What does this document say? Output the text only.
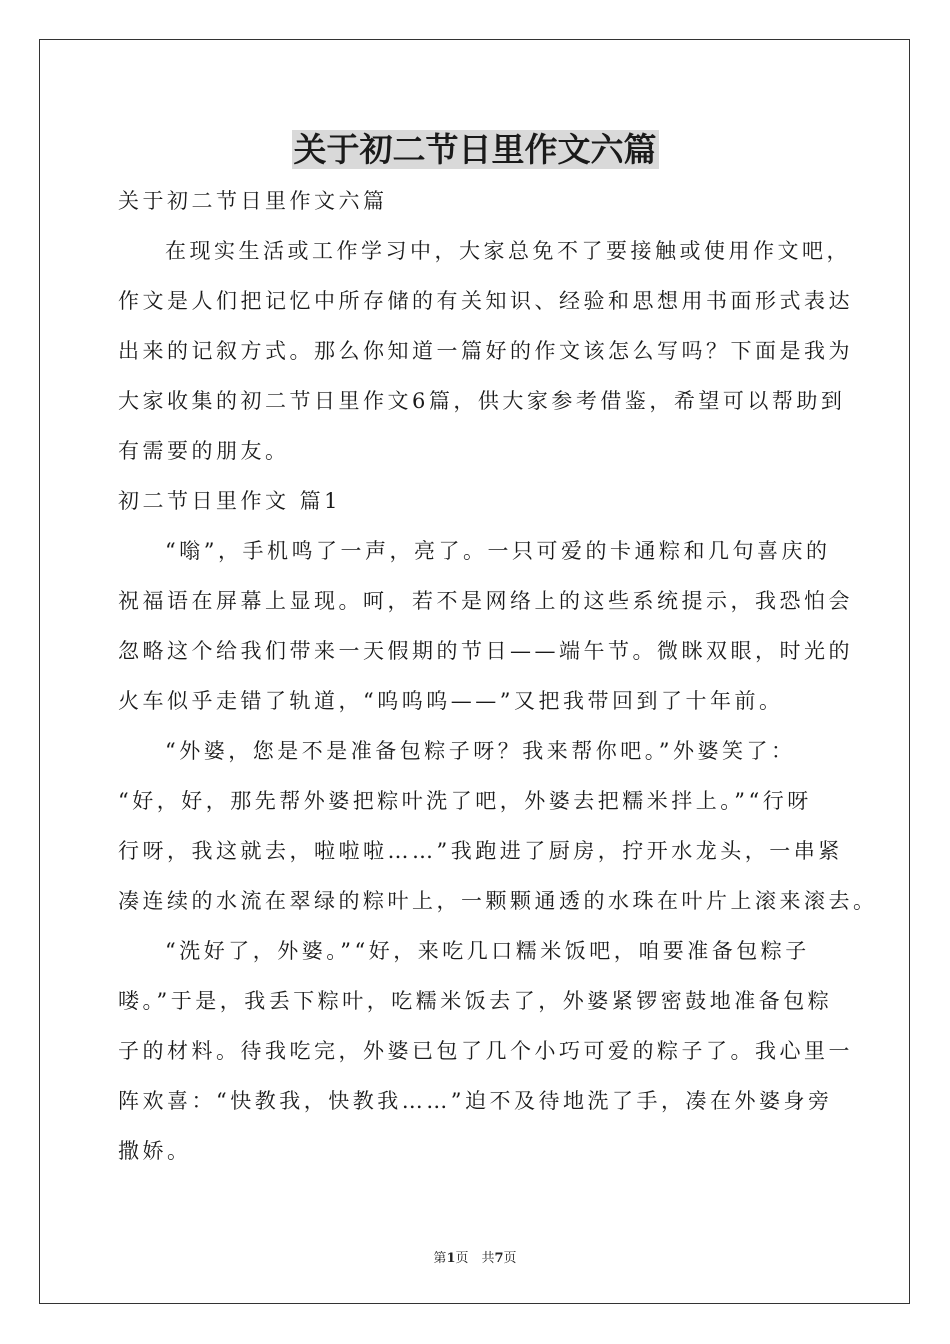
关于初二节日里作文六篇
关于初二节日里作文六篇
在现实生活或工作学习中，大家总免不了要接触或使用作文吧，
作文是人们把记忆中所存储的有关知识、经验和思想用书面形式表达
出来的记叙方式。那么你知道一篇好的作文该怎么写吗？下面是我为
大家收集的初二节日里作文6篇，供大家参考借鉴，希望可以帮助到
有需要的朋友。
初二节日里作文 篇1
“嗡”，手机鸣了一声，亮了。一只可爱的卡通粽和几句喜庆的
祝福语在屏幕上显现。呵，若不是网络上的这些系统提示，我恐怕会
忽略这个给我们带来一天假期的节日——端午节。微眯双眼，时光的
火车似乎走错了轨道，“呜呜呜——”又把我带回到了十年前。
“外婆，您是不是准备包粽子呀？我来帮你吧。”外婆笑了：
“好，好，那先帮外婆把粽叶洗了吧，外婆去把糯米拌上。”“行呀
行呀，我这就去，啦啦啦……”我跑进了厨房，拧开水龙头，一串紧
凑连续的水流在翠绿的粽叶上，一颗颗通透的水珠在叶片上滚来滚去。
“洗好了，外婆。”“好，来吃几口糯米饭吧，咱要准备包粽子
喽。”于是，我丢下粽叶，吃糯米饭去了，外婆紧锣密鼓地准备包粽
子的材料。待我吃完，外婆已包了几个小巧可爱的粽子了。我心里一
阵欢喜：“快教我，快教我……”迫不及待地洗了手，凑在外婆身旁
撒娇。
第1页　共7页
